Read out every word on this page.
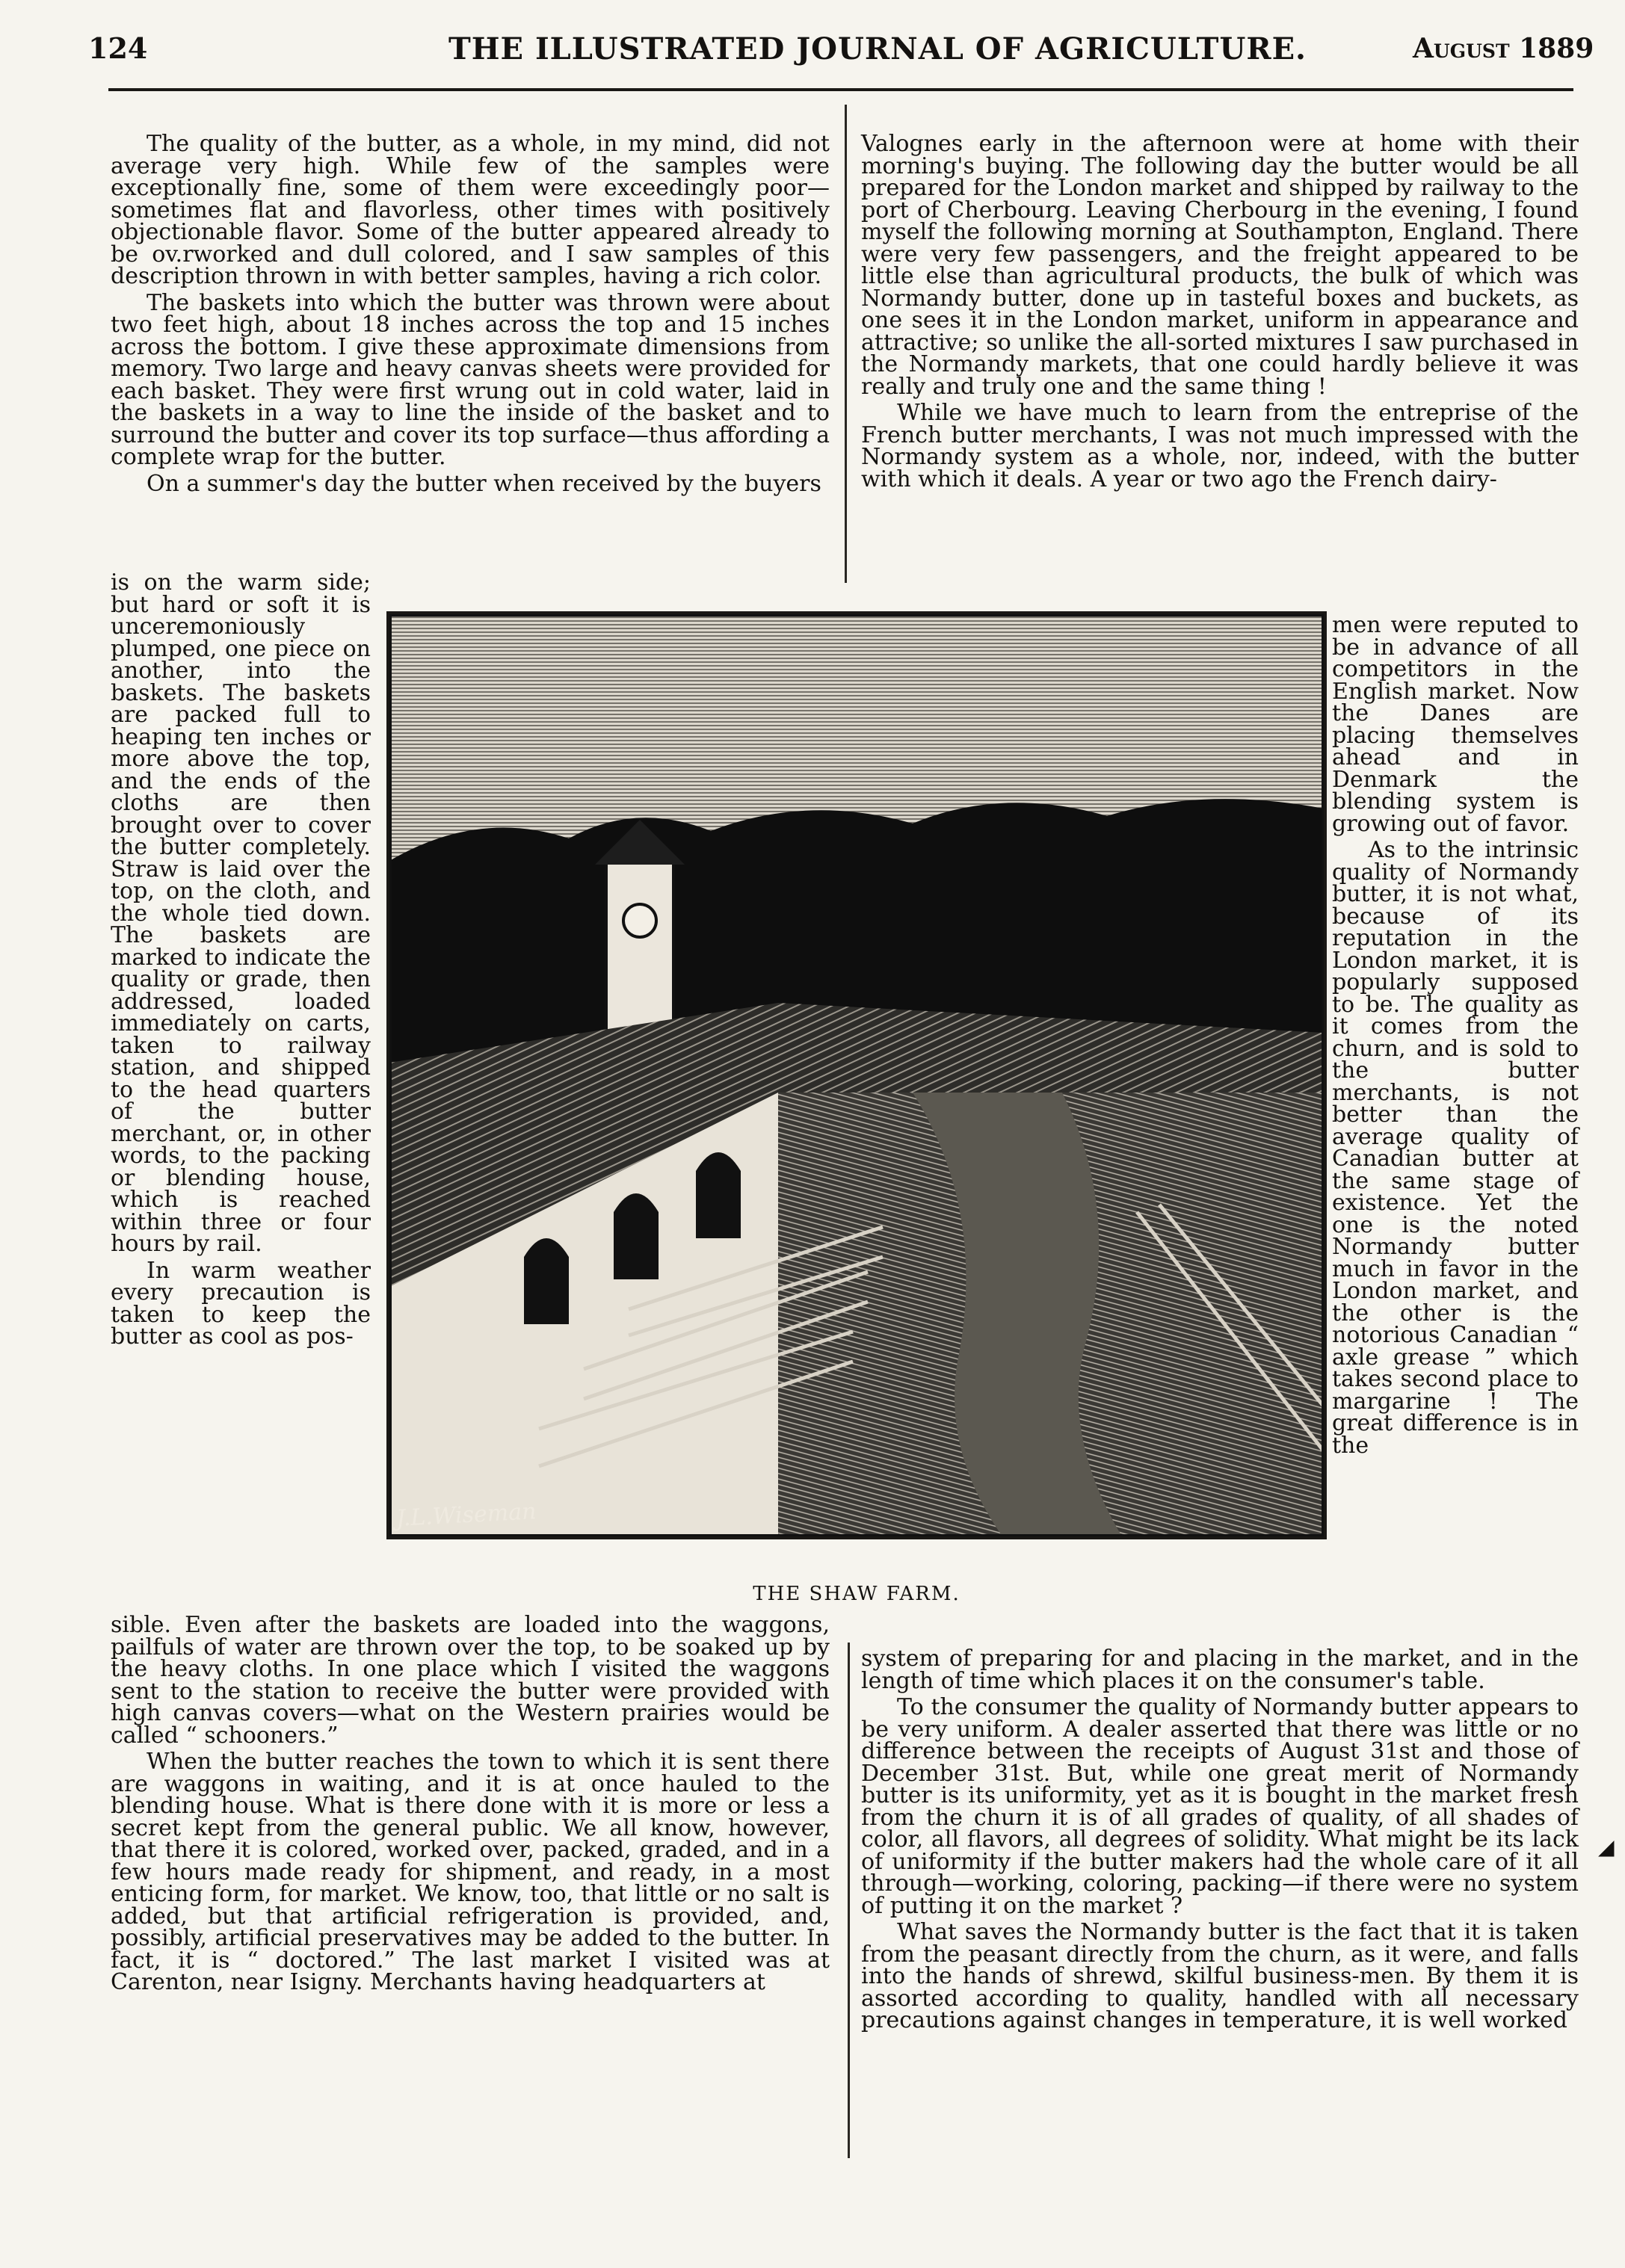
124	THE ILLUSTRATED JOURNAL OF AGRICULTURE.	August 1889

The quality of the butter, as a whole, in my mind, did not average very high. While few of the samples were exceptionally fine, some of them were exceedingly poor—sometimes flat and flavorless, other times with positively objectionable flavor. Some of the butter appeared already to be ov.rworked and dull colored, and I saw samples of this description thrown in with better samples, having a rich color.

The baskets into which the butter was thrown were about two feet high, about 18 inches across the top and 15 inches across the bottom. I give these approximate dimensions from memory. Two large and heavy canvas sheets were provided for each basket. They were first wrung out in cold water, laid in the baskets in a way to line the inside of the basket and to surround the butter and cover its top surface—thus affording a complete wrap for the butter.

On a summer's day the butter when received by the buyers

is on the warm side; but hard or soft it is unceremoniously plumped, one piece on another, into the baskets. The baskets are packed full to heaping ten inches or more above the top, and the ends of the cloths are then brought over to cover the butter completely. Straw is laid over the top, on the cloth, and the whole tied down. The baskets are marked to indicate the quality or grade, then addressed, loaded immediately on carts, taken to railway station, and shipped to the head quarters of the butter merchant, or, in other words, to the packing or blending house, which is reached within three or four hours by rail.

In warm weather every precaution is taken to keep the butter as cool as pos-

J.L.Wiseman
THE SHAW FARM.

Valognes early in the afternoon were at home with their morning's buying. The following day the butter would be all prepared for the London market and shipped by railway to the port of Cherbourg. Leaving Cherbourg in the evening, I found myself the following morning at Southampton, England. There were very few passengers, and the freight appeared to be little else than agricultural products, the bulk of which was Normandy butter, done up in tasteful boxes and buckets, as one sees it in the London market, uniform in appearance and attractive; so unlike the all-sorted mixtures I saw purchased in the Normandy markets, that one could hardly believe it was really and truly one and the same thing !

While we have much to learn from the entreprise of the French butter merchants, I was not much impressed with the Normandy system as a whole, nor, indeed, with the butter with which it deals. A year or two ago the French dairy-

men were reputed to be in advance of all competitors in the English market. Now the Danes are placing themselves ahead and in Denmark the blending system is growing out of favor.

As to the intrinsic quality of Normandy butter, it is not what, because of its reputation in the London market, it is popularly supposed to be. The quality as it comes from the churn, and is sold to the butter merchants, is not better than the average quality of Canadian butter at the same stage of existence. Yet the one is the noted Normandy butter much in favor in the London market, and the other is the notorious Canadian “ axle grease ” which takes second place to margarine ! The great difference is in the

sible. Even after the baskets are loaded into the waggons, pailfuls of water are thrown over the top, to be soaked up by the heavy cloths. In one place which I visited the waggons sent to the station to receive the butter were provided with high canvas covers—what on the Western prairies would be called “ schooners.”

When the butter reaches the town to which it is sent there are waggons in waiting, and it is at once hauled to the blending house. What is there done with it is more or less a secret kept from the general public. We all know, however, that there it is colored, worked over, packed, graded, and in a few hours made ready for shipment, and ready, in a most enticing form, for market. We know, too, that little or no salt is added, but that artificial refrigeration is provided, and, possibly, artificial preservatives may be added to the butter. In fact, it is “ doctored.” The last market I visited was at Carenton, near Isigny. Merchants having headquarters at

system of preparing for and placing in the market, and in the length of time which places it on the consumer's table.

To the consumer the quality of Normandy butter appears to be very uniform. A dealer asserted that there was little or no difference between the receipts of August 31st and those of December 31st. But, while one great merit of Normandy butter is its uniformity, yet as it is bought in the market fresh from the churn it is of all grades of quality, of all shades of color, all flavors, all degrees of solidity. What might be its lack of uniformity if the butter makers had the whole care of it all through—working, coloring, packing—if there were no system of putting it on the market ?

What saves the Normandy butter is the fact that it is taken from the peasant directly from the churn, as it were, and falls into the hands of shrewd, skilful business-men. By them it is assorted according to quality, handled with all necessary precautions against changes in temperature, it is well worked

◢
